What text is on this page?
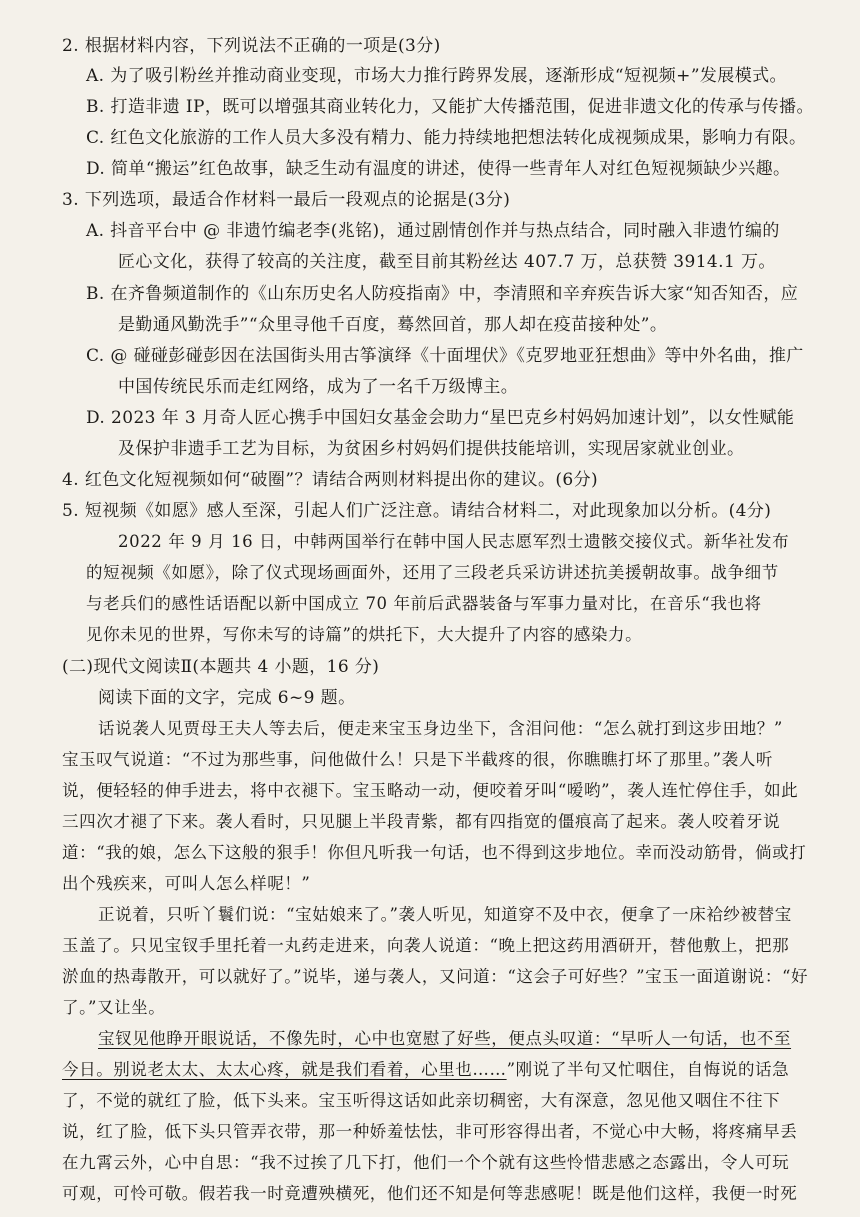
2. 根据材料内容，下列说法不正确的一项是(3分)
A. 为了吸引粉丝并推动商业变现，市场大力推行跨界发展，逐渐形成“短视频+”发展模式。
B. 打造非遗 IP，既可以增强其商业转化力，又能扩大传播范围，促进非遗文化的传承与传播。
C. 红色文化旅游的工作人员大多没有精力、能力持续地把想法转化成视频成果，影响力有限。
D. 简单“搬运”红色故事，缺乏生动有温度的讲述，使得一些青年人对红色短视频缺少兴趣。
3. 下列选项，最适合作材料一最后一段观点的论据是(3分)
A. 抖音平台中 @ 非遗竹编老李(兆铭)，通过剧情创作并与热点结合，同时融入非遗竹编的
匠心文化，获得了较高的关注度，截至目前其粉丝达 407.7 万，总获赞 3914.1 万。
B. 在齐鲁频道制作的《山东历史名人防疫指南》中，李清照和辛弃疾告诉大家“知否知否，应
是勤通风勤洗手”“众里寻他千百度，蓦然回首，那人却在疫苗接种处”。
C. @ 碰碰彭碰彭因在法国街头用古筝演绎《十面埋伏》《克罗地亚狂想曲》等中外名曲，推广
中国传统民乐而走红网络，成为了一名千万级博主。
D. 2023 年 3 月奇人匠心携手中国妇女基金会助力“星巴克乡村妈妈加速计划”，以女性赋能
及保护非遗手工艺为目标，为贫困乡村妈妈们提供技能培训，实现居家就业创业。
4. 红色文化短视频如何“破圈”？请结合两则材料提出你的建议。(6分)
5. 短视频《如愿》感人至深，引起人们广泛注意。请结合材料二，对此现象加以分析。(4分)
2022 年 9 月 16 日，中韩两国举行在韩中国人民志愿军烈士遗骸交接仪式。新华社发布
的短视频《如愿》，除了仪式现场画面外，还用了三段老兵采访讲述抗美援朝故事。战争细节
与老兵们的感性话语配以新中国成立 70 年前后武器装备与军事力量对比，在音乐“我也将
见你未见的世界，写你未写的诗篇”的烘托下，大大提升了内容的感染力。
(二)现代文阅读Ⅱ(本题共 4 小题，16 分)
阅读下面的文字，完成 6~9 题。
话说袭人见贾母王夫人等去后，便走来宝玉身边坐下，含泪问他：“怎么就打到这步田地？”
宝玉叹气说道：“不过为那些事，问他做什么！只是下半截疼的很，你瞧瞧打坏了那里。”袭人听
说，便轻轻的伸手进去，将中衣褪下。宝玉略动一动，便咬着牙叫“嗳哟”，袭人连忙停住手，如此
三四次才褪了下来。袭人看时，只见腿上半段青紫，都有四指宽的僵痕高了起来。袭人咬着牙说
道：“我的娘，怎么下这般的狠手！你但凡听我一句话，也不得到这步地位。幸而没动筋骨，倘或打
出个残疾来，可叫人怎么样呢！”
正说着，只听丫鬟们说：“宝姑娘来了。”袭人听见，知道穿不及中衣，便拿了一床袷纱被替宝
玉盖了。只见宝钗手里托着一丸药走进来，向袭人说道：“晚上把这药用酒研开，替他敷上，把那
淤血的热毒散开，可以就好了。”说毕，递与袭人，又问道：“这会子可好些？”宝玉一面道谢说：“好
了。”又让坐。
宝钗见他睁开眼说话，不像先时，心中也宽慰了好些，便点头叹道：“早听人一句话，也不至
今日。别说老太太、太太心疼，就是我们看着，心里也……”刚说了半句又忙咽住，自悔说的话急
了，不觉的就红了脸，低下头来。宝玉听得这话如此亲切稠密，大有深意，忽见他又咽住不往下
说，红了脸，低下头只管弄衣带，那一种娇羞怯怯，非可形容得出者，不觉心中大畅，将疼痛早丢
在九霄云外，心中自思：“我不过挨了几下打，他们一个个就有这些怜惜悲感之态露出，令人可玩
可观，可怜可敬。假若我一时竟遭殃横死，他们还不知是何等悲感呢！既是他们这样，我便一时死
